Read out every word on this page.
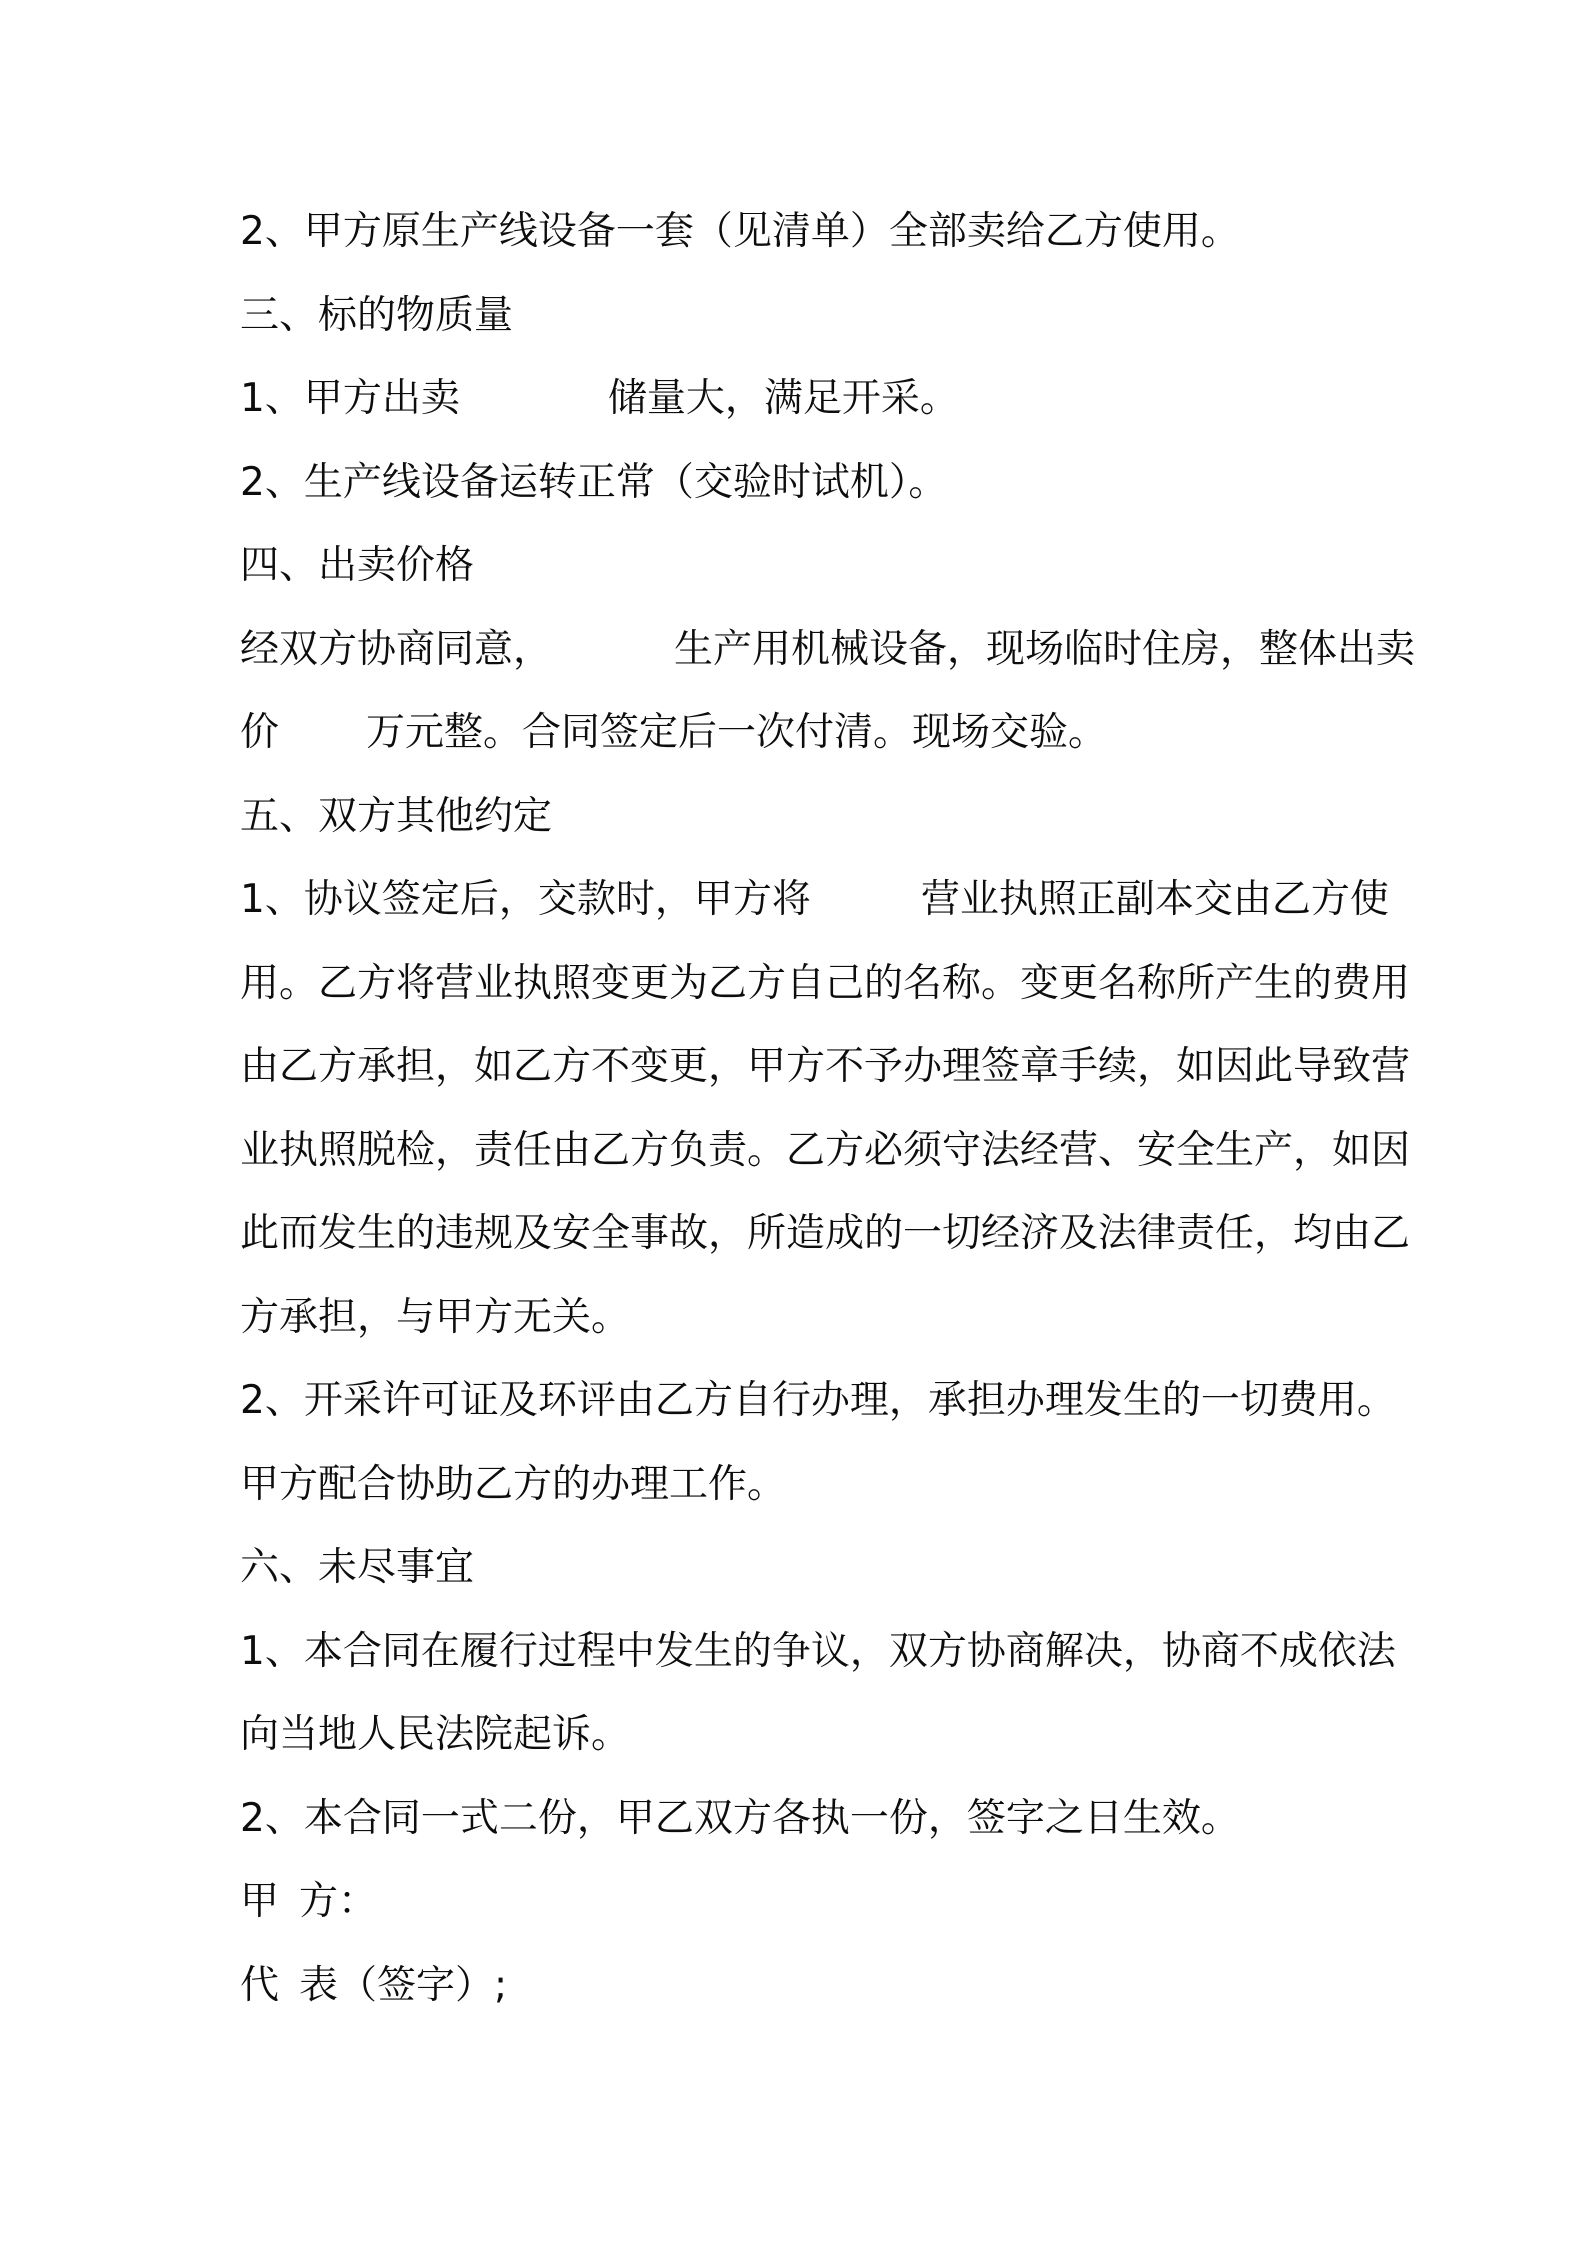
2、甲方原生产线设备一套（见清单）全部卖给乙方使用。

三、标的物质量

1、甲方出卖	储量大，满足开采。

2、生产线设备运转正常（交验时试机）。

四、出卖价格

经双方协商同意，	生产用机械设备，现场临时住房，整体出卖

价 万元整。合同签定后一次付清。现场交验。

五、双方其他约定

1、协议签定后，交款时，甲方将	营业执照正副本交由乙方使

用。乙方将营业执照变更为乙方自己的名称。变更名称所产生的费用

由乙方承担，如乙方不变更，甲方不予办理签章手续，如因此导致营

业执照脱检，责任由乙方负责。乙方必须守法经营、安全生产，如因

此而发生的违规及安全事故，所造成的一切经济及法律责任，均由乙

方承担，与甲方无关。

2、开采许可证及环评由乙方自行办理，承担办理发生的一切费用。

甲方配合协助乙方的办理工作。

六、未尽事宜

1、本合同在履行过程中发生的争议，双方协商解决，协商不成依法

向当地人民法院起诉。

2、本合同一式二份，甲乙双方各执一份，签字之日生效。

甲 方：

代 表（签字）;
